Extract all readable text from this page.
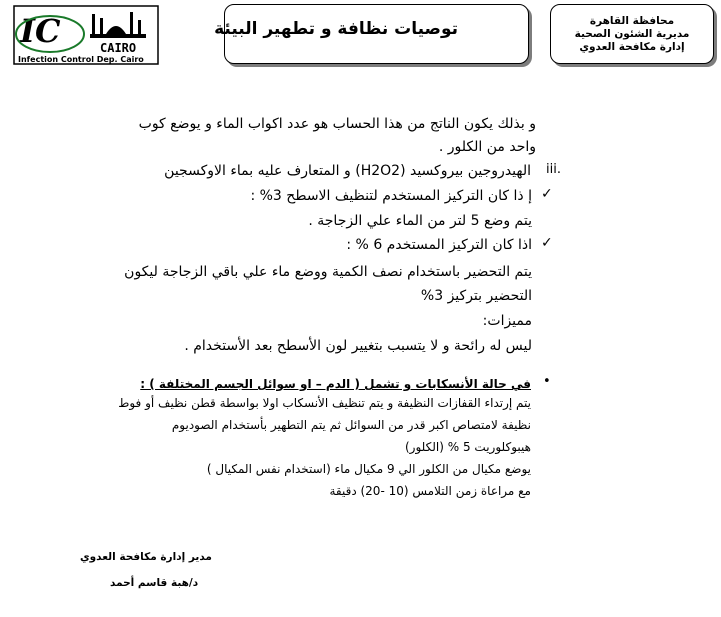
IC	CAIRO
Infection Control Dep. Cairo
توصيات نظافة و تطهير البيئة	محافظة القاهرة
مديرية الشئون الصحية
إدارة مكافحة العدوي
و بذلك يكون الناتج من هذا الحساب هو عدد اكواب الماء و يوضع كوب
واحد من الكلور .
الهيدروجين بيروكسيد (H2O2) و المتعارف عليه بماء الاوكسجين iii.
✓
إ ذا كان التركيز المستخدم لتنظيف الاسطح 3% :
يتم وضع 5 لتر من الماء علي الزجاجة .
✓
اذا كان التركيز المستخدم 6 % :
يتم التحضير باستخدام نصف الكمية ووضع ماء علي باقي الزجاجة ليكون
التحضير بتركيز 3%
مميزات:
ليس له رائحة و لا يتسبب بتغيير لون الأسطح بعد الأستخدام .
•
في حالة الأنسكابات و تشمل ( الدم – او سوائل الجسم المختلفة ) :
يتم إرتداء القفازات النظيفة و يتم تنظيف الأنسكاب اولا بواسطة قطن نظيف أو فوط
نظيفة لامتصاص اكبر قدر من السوائل ثم يتم التطهير بأستخدام الصوديوم
هيبوكلوريت 5 % (الكلور)
يوضع مكيال من الكلور الي 9 مكيال ماء (استخدام نفس المكيال )
مع مراعاة زمن التلامس (10 -20) دقيقة
مدير إدارة مكافحة العدوي
د/هبة قاسم أحمد
